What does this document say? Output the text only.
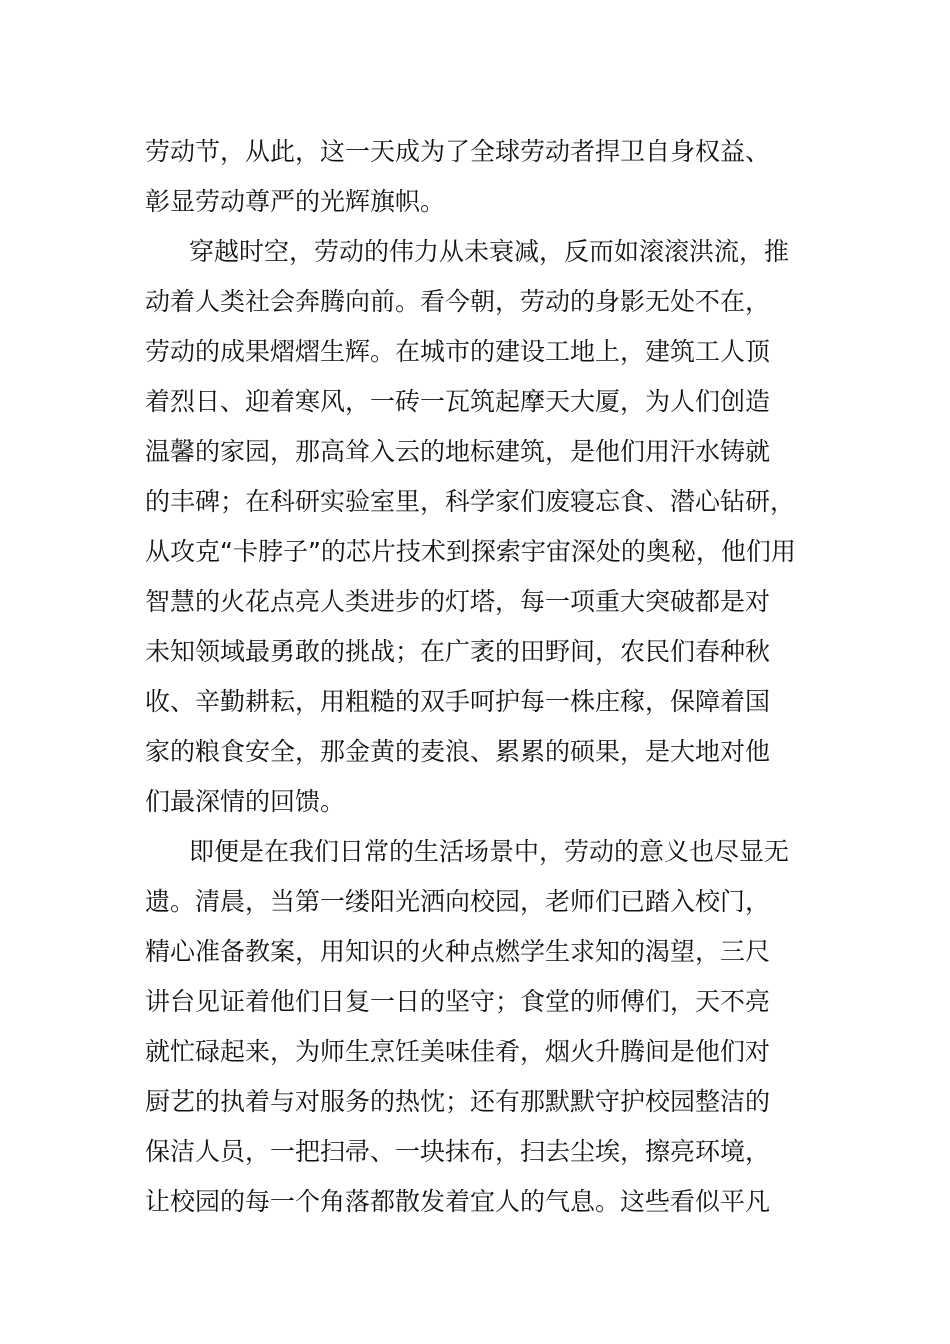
劳动节，从此，这一天成为了全球劳动者捍卫自身权益、
彰显劳动尊严的光辉旗帜。
穿越时空，劳动的伟力从未衰减，反而如滚滚洪流，推
动着人类社会奔腾向前。看今朝，劳动的身影无处不在，
劳动的成果熠熠生辉。在城市的建设工地上，建筑工人顶
着烈日、迎着寒风，一砖一瓦筑起摩天大厦，为人们创造
温馨的家园，那高耸入云的地标建筑，是他们用汗水铸就
的丰碑；在科研实验室里，科学家们废寝忘食、潜心钻研，
从攻克“卡脖子”的芯片技术到探索宇宙深处的奥秘，他们用
智慧的火花点亮人类进步的灯塔，每一项重大突破都是对
未知领域最勇敢的挑战；在广袤的田野间，农民们春种秋
收、辛勤耕耘，用粗糙的双手呵护每一株庄稼，保障着国
家的粮食安全，那金黄的麦浪、累累的硕果，是大地对他
们最深情的回馈。
即便是在我们日常的生活场景中，劳动的意义也尽显无
遗。清晨，当第一缕阳光洒向校园，老师们已踏入校门，
精心准备教案，用知识的火种点燃学生求知的渴望，三尺
讲台见证着他们日复一日的坚守；食堂的师傅们，天不亮
就忙碌起来，为师生烹饪美味佳肴，烟火升腾间是他们对
厨艺的执着与对服务的热忱；还有那默默守护校园整洁的
保洁人员，一把扫帚、一块抹布，扫去尘埃，擦亮环境，
让校园的每一个角落都散发着宜人的气息。这些看似平凡
